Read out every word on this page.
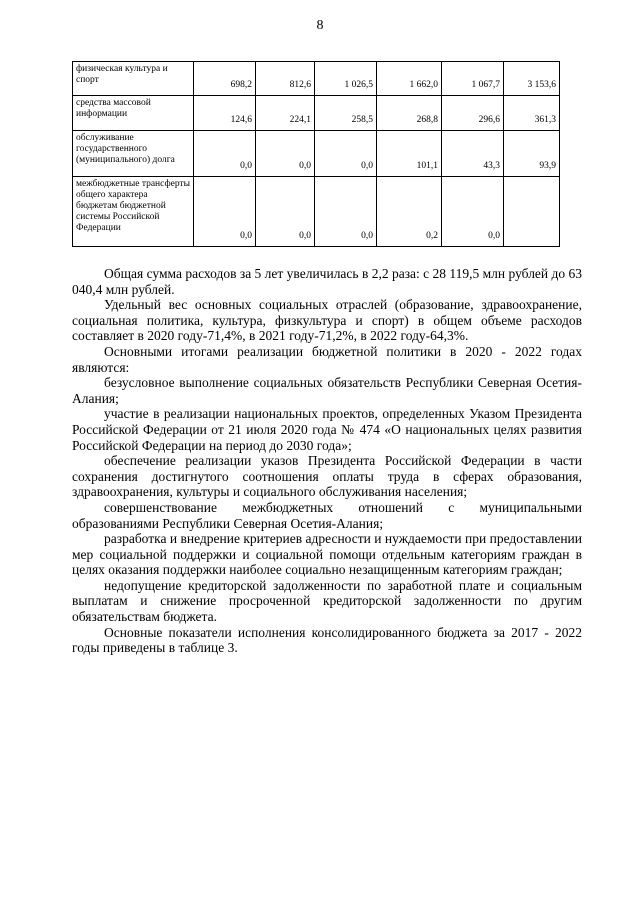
8
физическая культура и спорт	698,2	812,6	1 026,5	1 662,0	1 067,7	3 153,6
средства массовой информации	124,6	224,1	258,5	268,8	296,6	361,3
обслуживание государственного (муниципального) долга	0,0	0,0	0,0	101,1	43,3	93,9
межбюджетные трансферты общего характера бюджетам бюджетной системы Российской Федерации	0,0	0,0	0,0	0,2	0,0	

Общая сумма расходов за 5 лет увеличилась в 2,2 раза: с 28 119,5 млн рублей до 63 040,4 млн рублей.

Удельный вес основных социальных отраслей (образование, здравоохранение, социальная политика, культура, физкультура и спорт) в общем объеме расходов составляет в 2020 году-71,4%, в 2021 году-71,2%, в 2022 году-64,3%.

Основными итогами реализации бюджетной политики в 2020 - 2022 годах являются:

безусловное выполнение социальных обязательств Республики Северная Осетия-Алания;

участие в реализации национальных проектов, определенных Указом Президента Российской Федерации от 21 июля 2020 года № 474 «О национальных целях развития Российской Федерации на период до 2030 года»;

обеспечение реализации указов Президента Российской Федерации в части сохранения достигнутого соотношения оплаты труда в сферах образования, здравоохранения, культуры и социального обслуживания населения;

совершенствование межбюджетных отношений с муниципальными образованиями Республики Северная Осетия-Алания;

разработка и внедрение критериев адресности и нуждаемости при предоставлении мер социальной поддержки и социальной помощи отдельным категориям граждан в целях оказания поддержки наиболее социально незащищенным категориям граждан;

недопущение кредиторской задолженности по заработной плате и социальным выплатам и снижение просроченной кредиторской задолженности по другим обязательствам бюджета.

Основные показатели исполнения консолидированного бюджета за 2017 - 2022 годы приведены в таблице 3.
